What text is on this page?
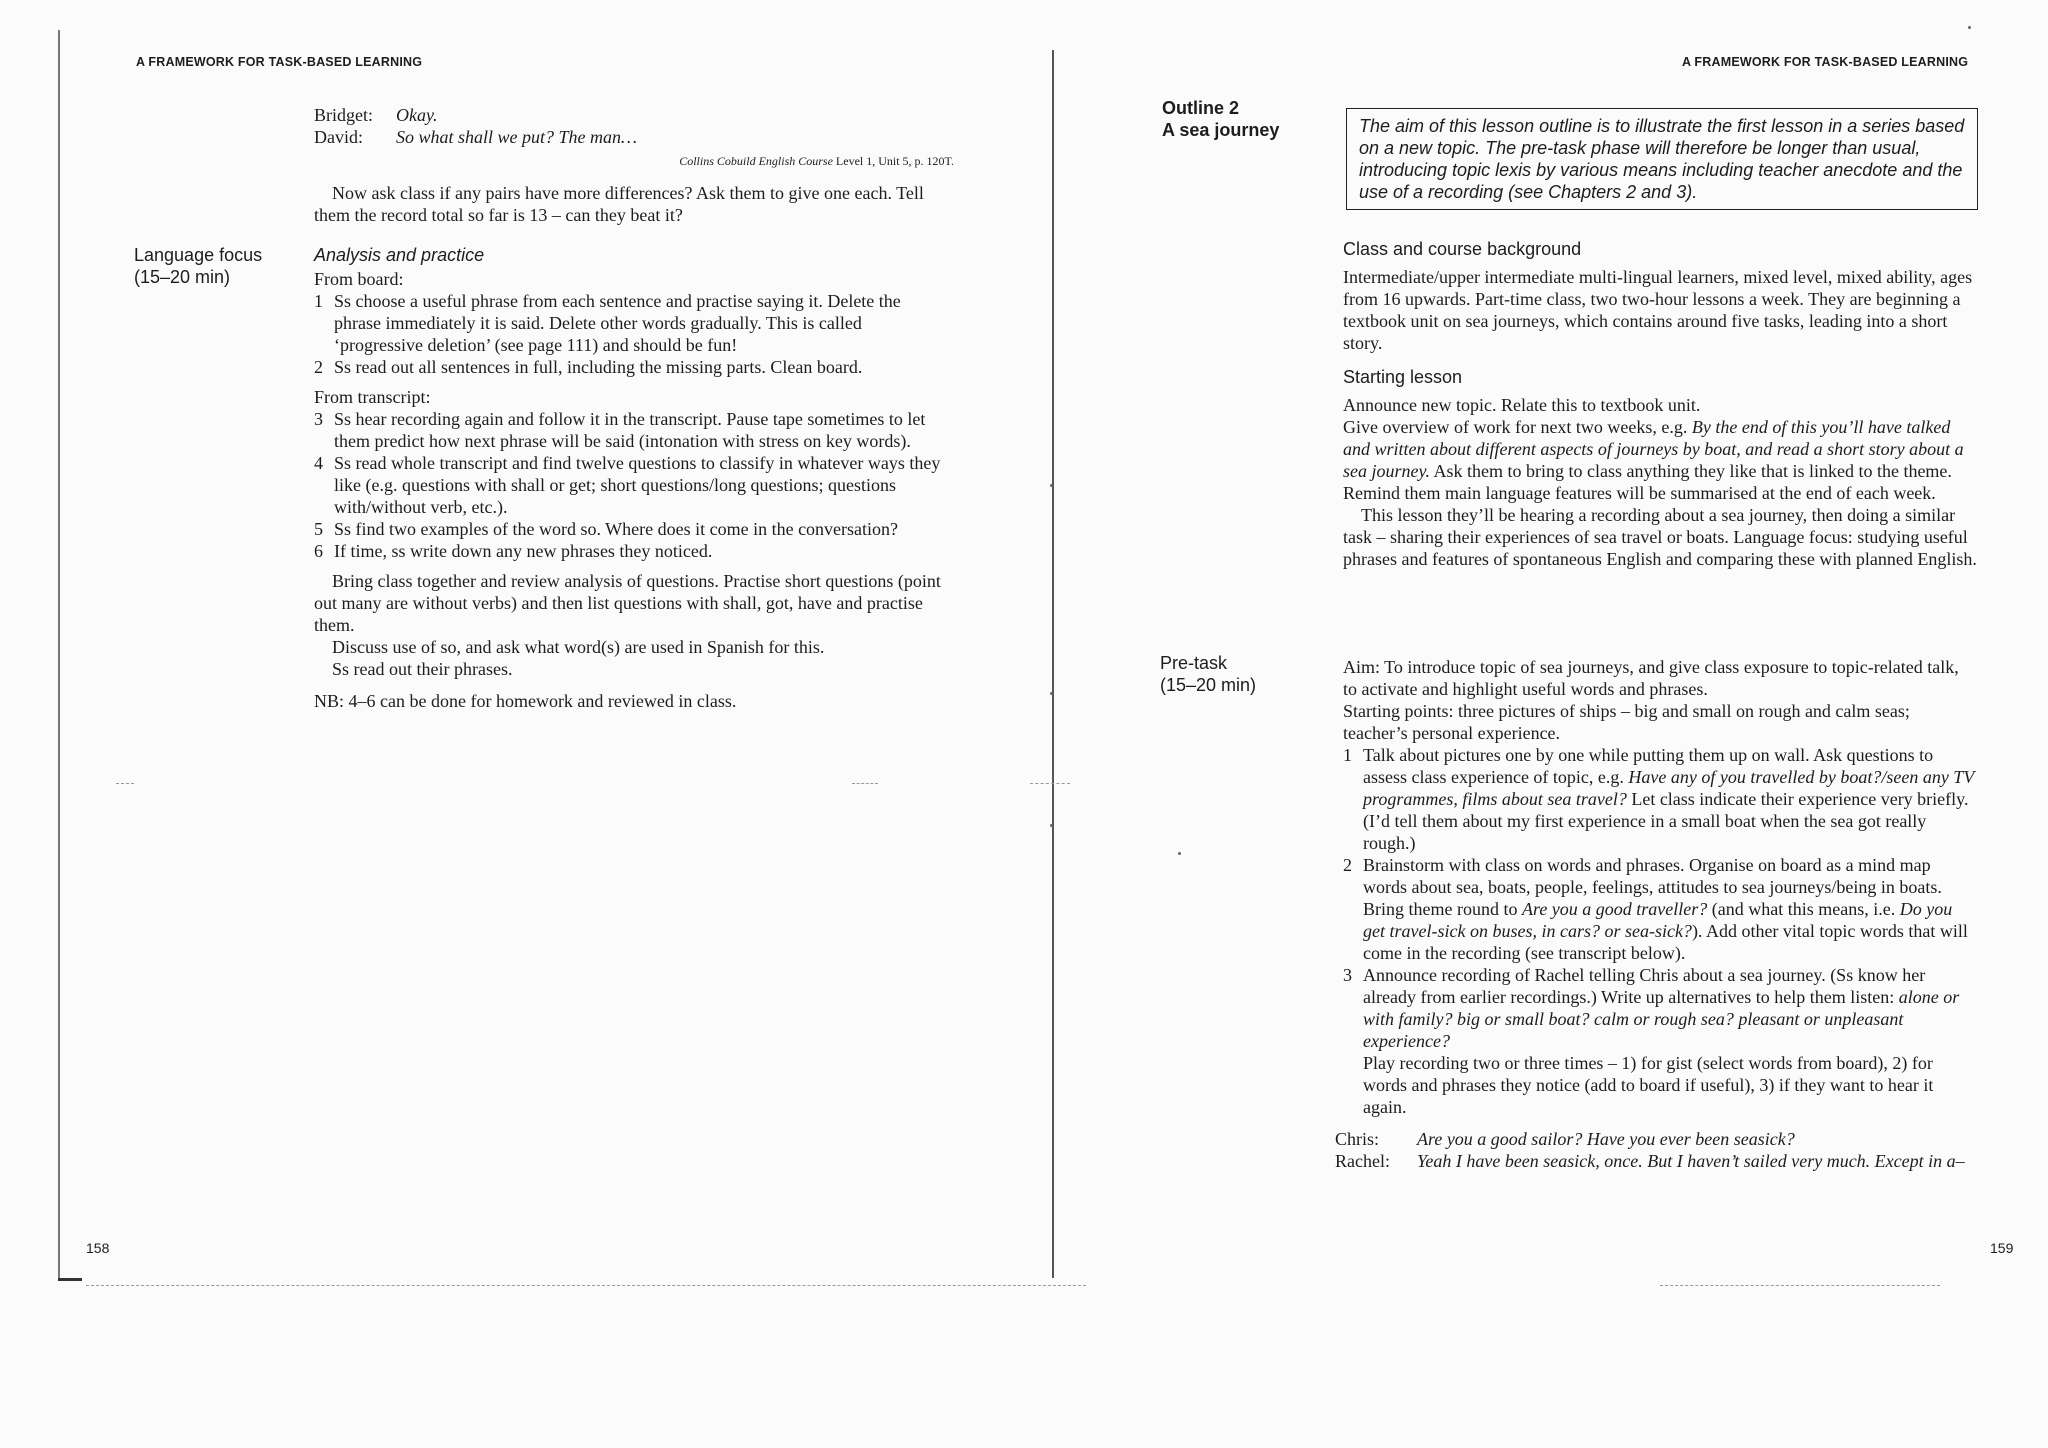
A FRAMEWORK FOR TASK-BASED LEARNING
Bridget:	Okay.
David:	So what shall we put? The man…
Collins Cobuild English Course Level 1, Unit 5, p. 120T.

Now ask class if any pairs have more differences? Ask them to give one each. Tell them the record total so far is 13 – can they beat it?

Language focus
(15–20 min)
Analysis and practice
From board:
1 Ss choose a useful phrase from each sentence and practise saying it. Delete the phrase immediately it is said. Delete other words gradually. This is called ‘progressive deletion’ (see page 111) and should be fun!
2 Ss read out all sentences in full, including the missing parts. Clean board.
From transcript:
3 Ss hear recording again and follow it in the transcript. Pause tape sometimes to let them predict how next phrase will be said (intonation with stress on key words).
4 Ss read whole transcript and find twelve questions to classify in whatever ways they like (e.g. questions with shall or get; short questions/long questions; questions with/without verb, etc.).
5 Ss find two examples of the word so. Where does it come in the conversation?
6 If time, ss write down any new phrases they noticed.

Bring class together and review analysis of questions. Practise short questions (point out many are without verbs) and then list questions with shall, got, have and practise them.

Discuss use of so, and ask what word(s) are used in Spanish for this.

Ss read out their phrases.

NB: 4–6 can be done for homework and reviewed in class.

158
A FRAMEWORK FOR TASK-BASED LEARNING
Outline 2
A sea journey	The aim of this lesson outline is to illustrate the first lesson in a series based on a new topic. The pre-task phase will therefore be longer than usual, introducing topic lexis by various means including teacher anecdote and the use of a recording (see Chapters 2 and 3).
Class and course background

Intermediate/upper intermediate multi-lingual learners, mixed level, mixed ability, ages from 16 upwards. Part-time class, two two-hour lessons a week. They are beginning a textbook unit on sea journeys, which contains around five tasks, leading into a short story.

Starting lesson

Announce new topic. Relate this to textbook unit.

Give overview of work for next two weeks, e.g. By the end of this you’ll have talked and written about different aspects of journeys by boat, and read a short story about a sea journey. Ask them to bring to class anything they like that is linked to the theme. Remind them main language features will be summarised at the end of each week.

This lesson they’ll be hearing a recording about a sea journey, then doing a similar task – sharing their experiences of sea travel or boats. Language focus: studying useful phrases and features of spontaneous English and comparing these with planned English.

Pre-task
(15–20 min)

Aim: To introduce topic of sea journeys, and give class exposure to topic-related talk, to activate and highlight useful words and phrases.

Starting points: three pictures of ships – big and small on rough and calm seas; teacher’s personal experience.

1 Talk about pictures one by one while putting them up on wall. Ask questions to assess class experience of topic, e.g. Have any of you travelled by boat?/seen any TV programmes, films about sea travel? Let class indicate their experience very briefly. (I’d tell them about my first experience in a small boat when the sea got really rough.)
2 Brainstorm with class on words and phrases. Organise on board as a mind map words about sea, boats, people, feelings, attitudes to sea journeys/being in boats.
Bring theme round to Are you a good traveller? (and what this means, i.e. Do you get travel-sick on buses, in cars? or sea-sick?). Add other vital topic words that will come in the recording (see transcript below).
3 Announce recording of Rachel telling Chris about a sea journey. (Ss know her already from earlier recordings.) Write up alternatives to help them listen: alone or with family? big or small boat? calm or rough sea? pleasant or unpleasant experience?
Play recording two or three times – 1) for gist (select words from board), 2) for words and phrases they notice (add to board if useful), 3) if they want to hear it again.
Chris:	Are you a good sailor? Have you ever been seasick?
Rachel:	Yeah I have been seasick, once. But I haven’t sailed very much. Except in a–
159
